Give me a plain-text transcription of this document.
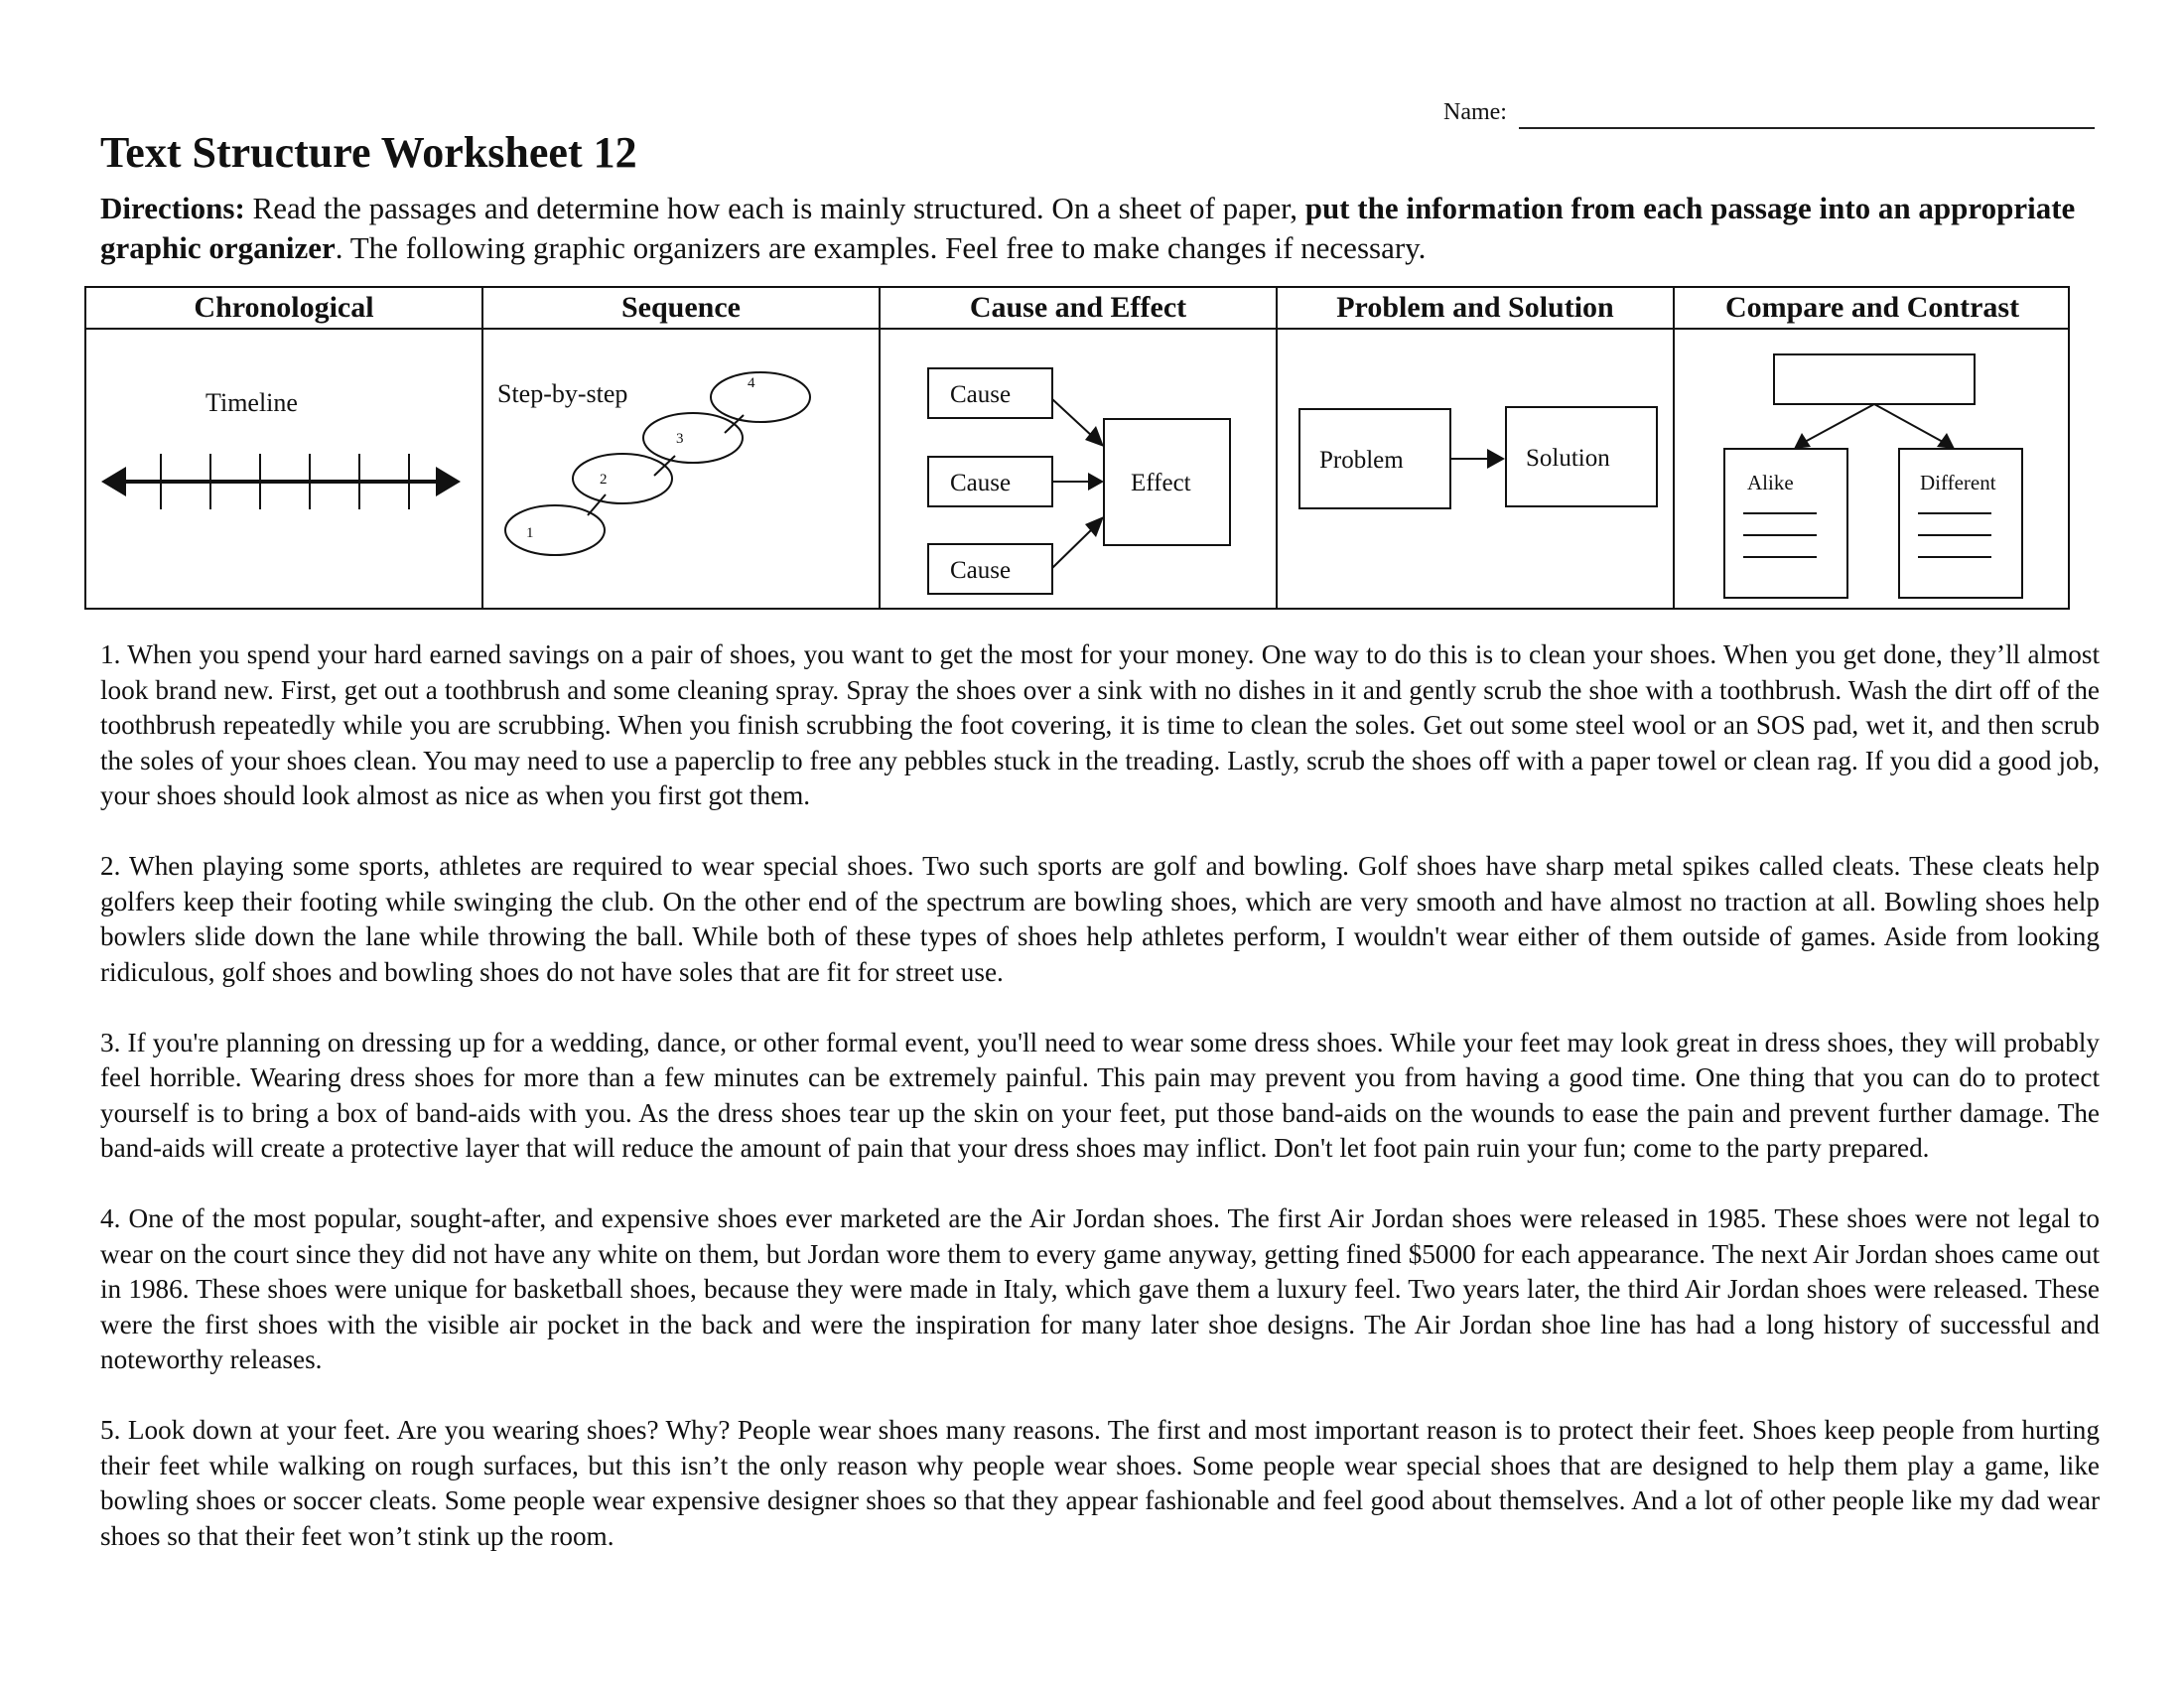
Name:
Text Structure Worksheet 12
Directions: Read the passages and determine how each is mainly structured. On a sheet of paper, put the information from each passage into an appropriate graphic organizer. The following graphic organizers are examples. Feel free to make changes if necessary.
Chronological
Timeline
Sequence
Step-by-step
1
2
3
4
Cause and Effect
Cause
Cause
Cause
Effect
Problem and Solution
Problem	Solution
Compare and Contrast
Alike	Different

1. When you spend your hard earned savings on a pair of shoes, you want to get the most for your money. One way to do this is to clean your shoes. When you get done, they’ll almost look brand new. First, get out a toothbrush and some cleaning spray. Spray the shoes over a sink with no dishes in it and gently scrub the shoe with a toothbrush. Wash the dirt off of the toothbrush repeatedly while you are scrubbing. When you finish scrubbing the foot covering, it is time to clean the soles. Get out some steel wool or an SOS pad, wet it, and then scrub the soles of your shoes clean. You may need to use a paperclip to free any pebbles stuck in the treading. Lastly, scrub the shoes off with a paper towel or clean rag. If you did a good job, your shoes should look almost as nice as when you first got them.

2. When playing some sports, athletes are required to wear special shoes. Two such sports are golf and bowling. Golf shoes have sharp metal spikes called cleats. These cleats help golfers keep their footing while swinging the club. On the other end of the spectrum are bowling shoes, which are very smooth and have almost no traction at all. Bowling shoes help bowlers slide down the lane while throwing the ball. While both of these types of shoes help athletes perform, I wouldn't wear either of them outside of games. Aside from looking ridiculous, golf shoes and bowling shoes do not have soles that are fit for street use.

3. If you're planning on dressing up for a wedding, dance, or other formal event, you'll need to wear some dress shoes. While your feet may look great in dress shoes, they will probably feel horrible. Wearing dress shoes for more than a few minutes can be extremely painful. This pain may prevent you from having a good time. One thing that you can do to protect yourself is to bring a box of band-aids with you. As the dress shoes tear up the skin on your feet, put those band-aids on the wounds to ease the pain and prevent further damage. The band-aids will create a protective layer that will reduce the amount of pain that your dress shoes may inflict. Don't let foot pain ruin your fun; come to the party prepared.

4. One of the most popular, sought-after, and expensive shoes ever marketed are the Air Jordan shoes. The first Air Jordan shoes were released in 1985. These shoes were not legal to wear on the court since they did not have any white on them, but Jordan wore them to every game anyway, getting fined $5000 for each appearance. The next Air Jordan shoes came out in 1986. These shoes were unique for basketball shoes, because they were made in Italy, which gave them a luxury feel. Two years later, the third Air Jordan shoes were released. These were the first shoes with the visible air pocket in the back and were the inspiration for many later shoe designs. The Air Jordan shoe line has had a long history of successful and noteworthy releases.

5. Look down at your feet. Are you wearing shoes? Why? People wear shoes many reasons. The first and most important reason is to protect their feet. Shoes keep people from hurting their feet while walking on rough surfaces, but this isn’t the only reason why people wear shoes. Some people wear special shoes that are designed to help them play a game, like bowling shoes or soccer cleats. Some people wear expensive designer shoes so that they appear fashionable and feel good about themselves. And a lot of other people like my dad wear shoes so that their feet won’t stink up the room.
